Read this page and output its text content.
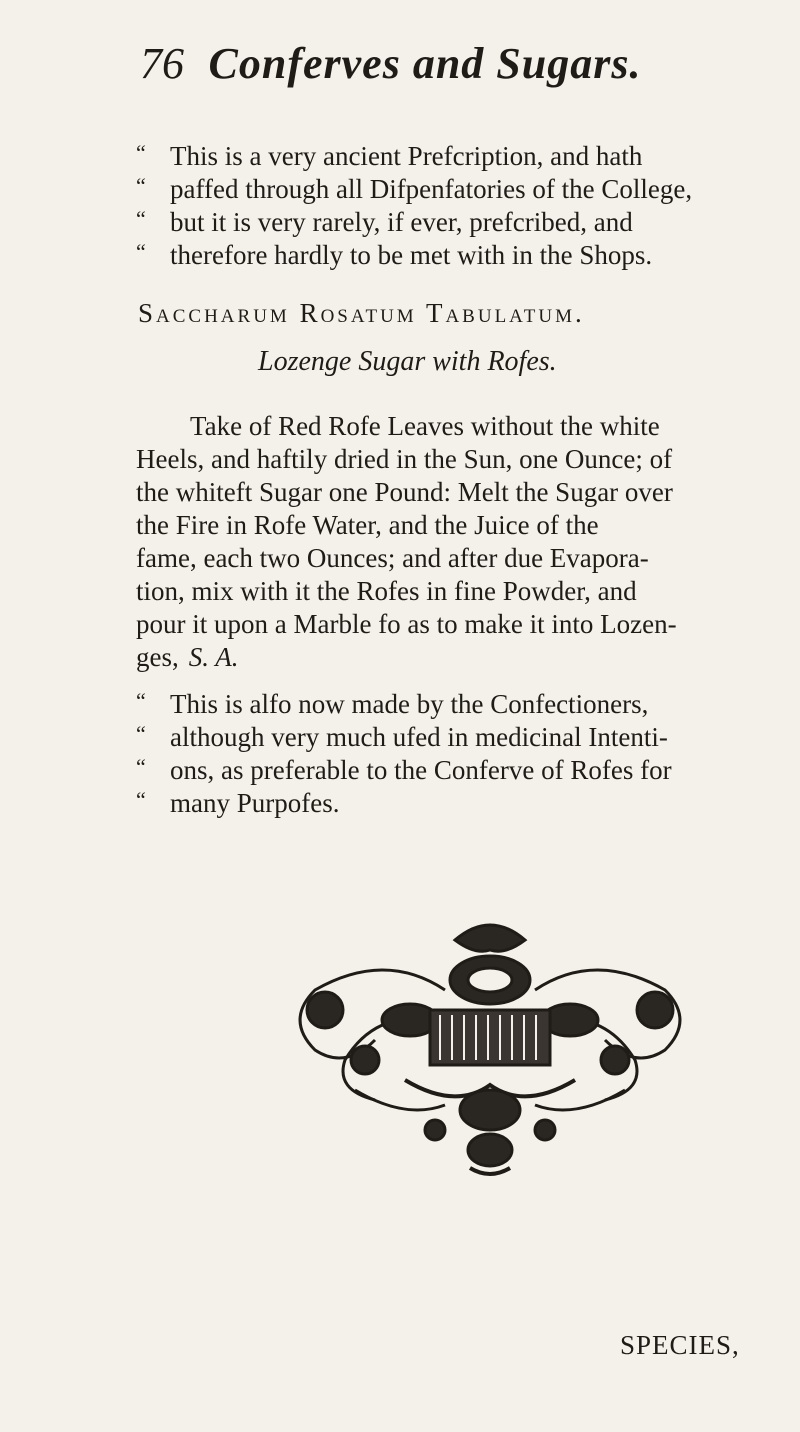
76 Conferves and Sugars.
“ This is a very ancient Prefcription, and hath
“ paffed through all Difpenfatories of the College,
“ but it is very rarely, if ever, prefcribed, and
“ therefore hardly to be met with in the Shops.
Saccharum Rosatum Tabulatum.
Lozenge Sugar with Rofes.
Take of Red Rofe Leaves without the white
Heels, and haftily dried in the Sun, one Ounce; of
the whiteft Sugar one Pound: Melt the Sugar over
the Fire in Rofe Water, and the Juice of the
fame, each two Ounces; and after due Evapora-
tion, mix with it the Rofes in fine Powder, and
pour it upon a Marble fo as to make it into Lozen-
ges, S. A.
“ This is alfo now made by the Confectioners,
“ although very much ufed in medicinal Intenti-
“ ons, as preferable to the Conferve of Rofes for
“ many Purpofes.
SPECIES,
